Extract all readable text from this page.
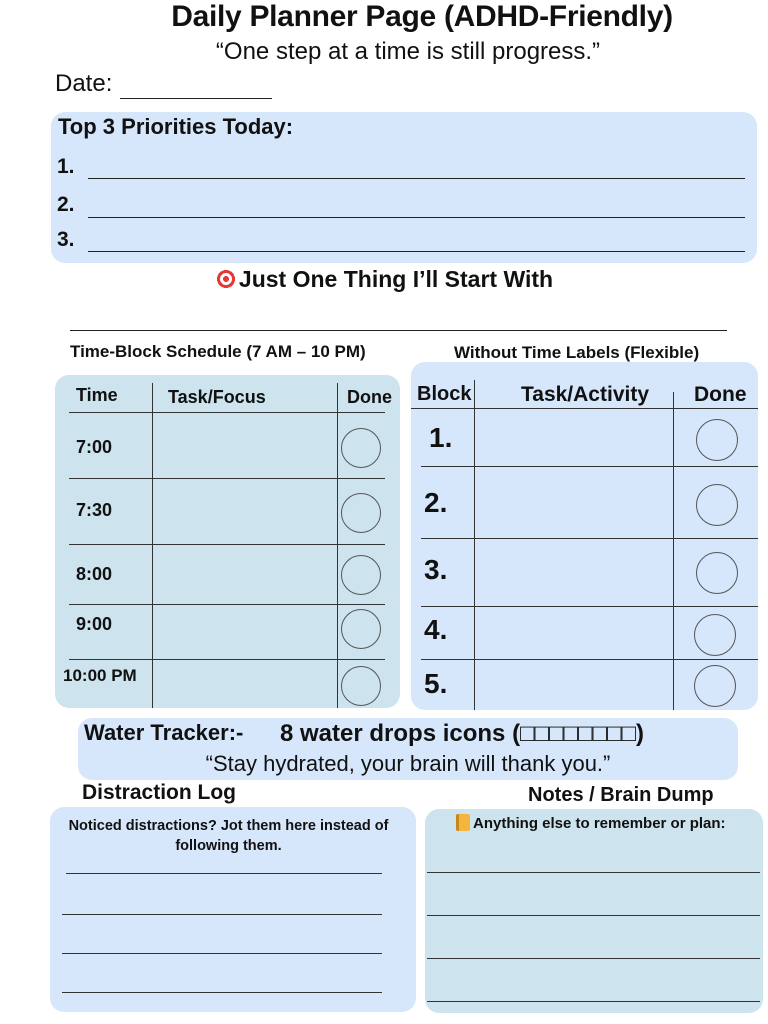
Daily Planner Page (ADHD-Friendly)
“One step at a time is still progress.”
Date:
Top 3 Priorities Today:
1.
2.
3.
Just One Thing I’ll Start With
Time-Block Schedule (7 AM – 10 PM)	Without Time Labels (Flexible)
Time	Task/Focus	Done
7:00
7:30
8:00
9:00
10:00 PM
Block Task/Activity Done
1.
2.
3.
4.
5.
Water Tracker:- 8 water drops icons (□□□□□□□□)
“Stay hydrated, your brain will thank you.”
Distraction Log
Noticed distractions? Jot them here instead of
following them.
Notes / Brain Dump
Anything else to remember or plan:
